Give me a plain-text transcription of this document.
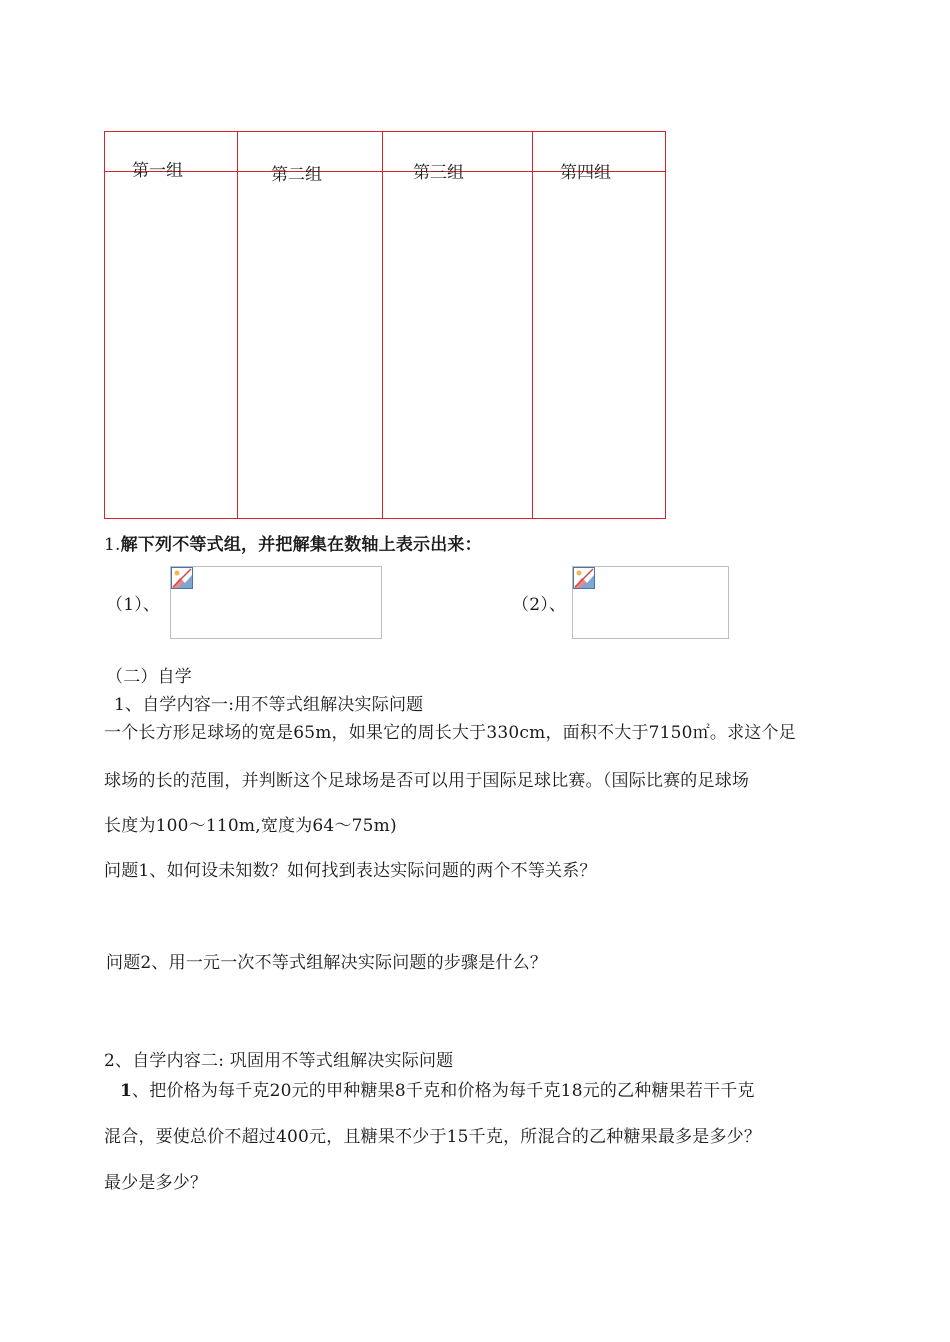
第一组	第二组	第三组	第四组
1.解下列不等式组，并把解集在数轴上表示出来：
（1）、	（2）、
（二）自学
1、自学内容一:用不等式组解决实际问题
一个长方形足球场的宽是65m，如果它的周长大于330cm，面积不大于7150㎡。求这个足
球场的长的范围，并判断这个足球场是否可以用于国际足球比赛。（国际比赛的足球场
长度为100～110m,宽度为64～75m)
问题1、如何设未知数？如何找到表达实际问题的两个不等关系？
问题2、用一元一次不等式组解决实际问题的步骤是什么？
2、自学内容二: 巩固用不等式组解决实际问题
1、把价格为每千克20元的甲种糖果8千克和价格为每千克18元的乙种糖果若干千克
混合，要使总价不超过400元，且糖果不少于15千克，所混合的乙种糖果最多是多少？
最少是多少？
